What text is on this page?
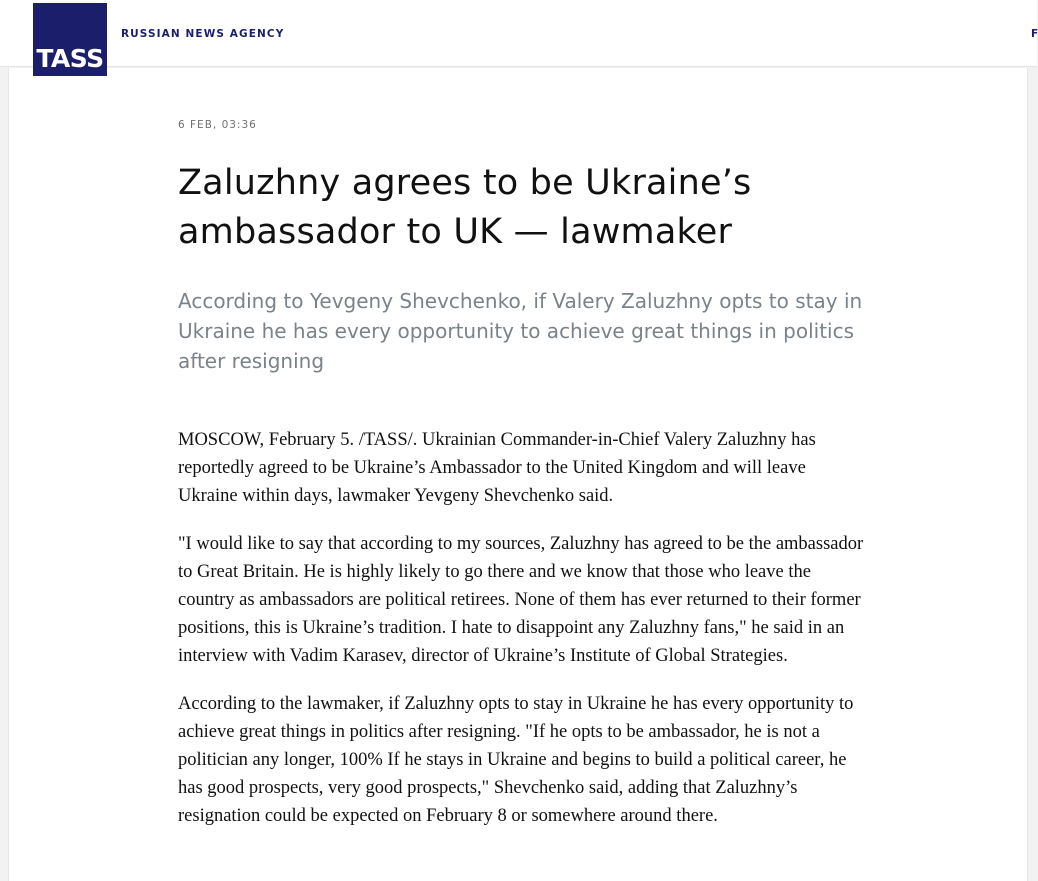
RUSSIAN NEWS AGENCY	F
TASS
6 FEB, 03:36
Zaluzhny agrees to be Ukraine’s ambassador to UK — lawmaker

According to Yevgeny Shevchenko, if Valery Zaluzhny opts to stay in Ukraine he has every opportunity to achieve great things in politics after resigning

MOSCOW, February 5. /TASS/. Ukrainian Commander-in-Chief Valery Zaluzhny has reportedly agreed to be Ukraine’s Ambassador to the United Kingdom and will leave Ukraine within days, lawmaker Yevgeny Shevchenko said.

"I would like to say that according to my sources, Zaluzhny has agreed to be the ambassador to Great Britain. He is highly likely to go there and we know that those who leave the country as ambassadors are political retirees. None of them has ever returned to their former positions, this is Ukraine’s tradition. I hate to disappoint any Zaluzhny fans," he said in an interview with Vadim Karasev, director of Ukraine’s Institute of Global Strategies.

According to the lawmaker, if Zaluzhny opts to stay in Ukraine he has every opportunity to achieve great things in politics after resigning. "If he opts to be ambassador, he is not a politician any longer, 100% If he stays in Ukraine and begins to build a political career, he has good prospects, very good prospects," Shevchenko said, adding that Zaluzhny’s resignation could be expected on February 8 or somewhere around there.
